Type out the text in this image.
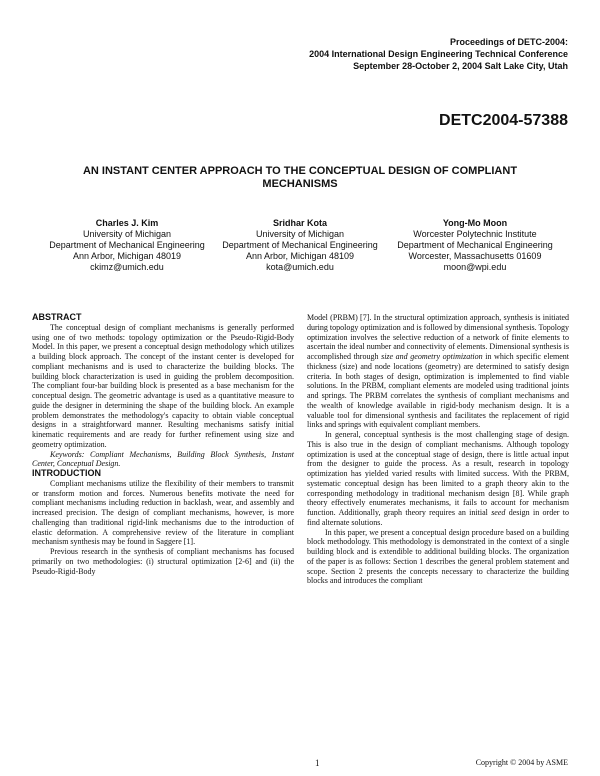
Proceedings of DETC-2004:
2004 International Design Engineering Technical Conference
September 28-October 2, 2004 Salt Lake City, Utah
DETC2004-57388
AN INSTANT CENTER APPROACH TO THE CONCEPTUAL DESIGN OF COMPLIANT
MECHANISMS
Charles J. Kim
University of Michigan
Department of Mechanical Engineering
Ann Arbor, Michigan 48019
ckimz@umich.edu
Sridhar Kota
University of Michigan
Department of Mechanical Engineering
Ann Arbor, Michigan 48109
kota@umich.edu
Yong-Mo Moon
Worcester Polytechnic Institute
Department of Mechanical Engineering
Worcester, Massachusetts 01609
moon@wpi.edu
ABSTRACT

The conceptual design of compliant mechanisms is generally performed using one of two methods: topology optimization or the Pseudo-Rigid-Body Model. In this paper, we present a conceptual design methodology which utilizes a building block approach. The concept of the instant center is developed for compliant mechanisms and is used to characterize the building blocks. The building block characterization is used in guiding the problem decomposition. The compliant four-bar building block is presented as a base mechanism for the conceptual design. The geometric advantage is used as a quantitative measure to guide the designer in determining the shape of the building block. An example problem demonstrates the methodology's capacity to obtain viable conceptual designs in a straightforward manner. Resulting mechanisms satisfy initial kinematic requirements and are ready for further refinement using size and geometry optimization.

Keywords: Compliant Mechanisms, Building Block Synthesis, Instant Center, Conceptual Design.

INTRODUCTION

Compliant mechanisms utilize the flexibility of their members to transmit or transform motion and forces. Numerous benefits motivate the need for compliant mechanisms including reduction in backlash, wear, and assembly and increased precision. The design of compliant mechanisms, however, is more challenging than traditional rigid-link mechanisms due to the introduction of elastic deformation. A comprehensive review of the literature in compliant mechanism synthesis may be found in Saggere [1].

Previous research in the synthesis of compliant mechanisms has focused primarily on two methodologies: (i) structural optimization [2-6] and (ii) the Pseudo-Rigid-Body

Model (PRBM) [7]. In the structural optimization approach, synthesis is initiated during topology optimization and is followed by dimensional synthesis. Topology optimization involves the selective reduction of a network of finite elements to ascertain the ideal number and connectivity of elements. Dimensional synthesis is accomplished through size and geometry optimization in which specific element thickness (size) and node locations (geometry) are determined to satisfy design criteria. In both stages of design, optimization is implemented to find viable solutions. In the PRBM, compliant elements are modeled using traditional joints and springs. The PRBM correlates the synthesis of compliant mechanisms and the wealth of knowledge available in rigid-body mechanism design. It is a valuable tool for dimensional synthesis and facilitates the replacement of rigid links and springs with equivalent compliant members.

In general, conceptual synthesis is the most challenging stage of design. This is also true in the design of compliant mechanisms. Although topology optimization is used at the conceptual stage of design, there is little actual input from the designer to guide the process. As a result, research in topology optimization has yielded varied results with limited success. With the PRBM, systematic conceptual design has been limited to a graph theory akin to the corresponding methodology in traditional mechanism design [8]. While graph theory effectively enumerates mechanisms, it fails to account for mechanism function. Additionally, graph theory requires an initial seed design in order to find alternate solutions.

In this paper, we present a conceptual design procedure based on a building block methodology. This methodology is demonstrated in the context of a single building block and is extendible to additional building blocks. The organization of the paper is as follows: Section 1 describes the general problem statement and scope. Section 2 presents the concepts necessary to characterize the building blocks and introduces the compliant

1	Copyright © 2004 by ASME
